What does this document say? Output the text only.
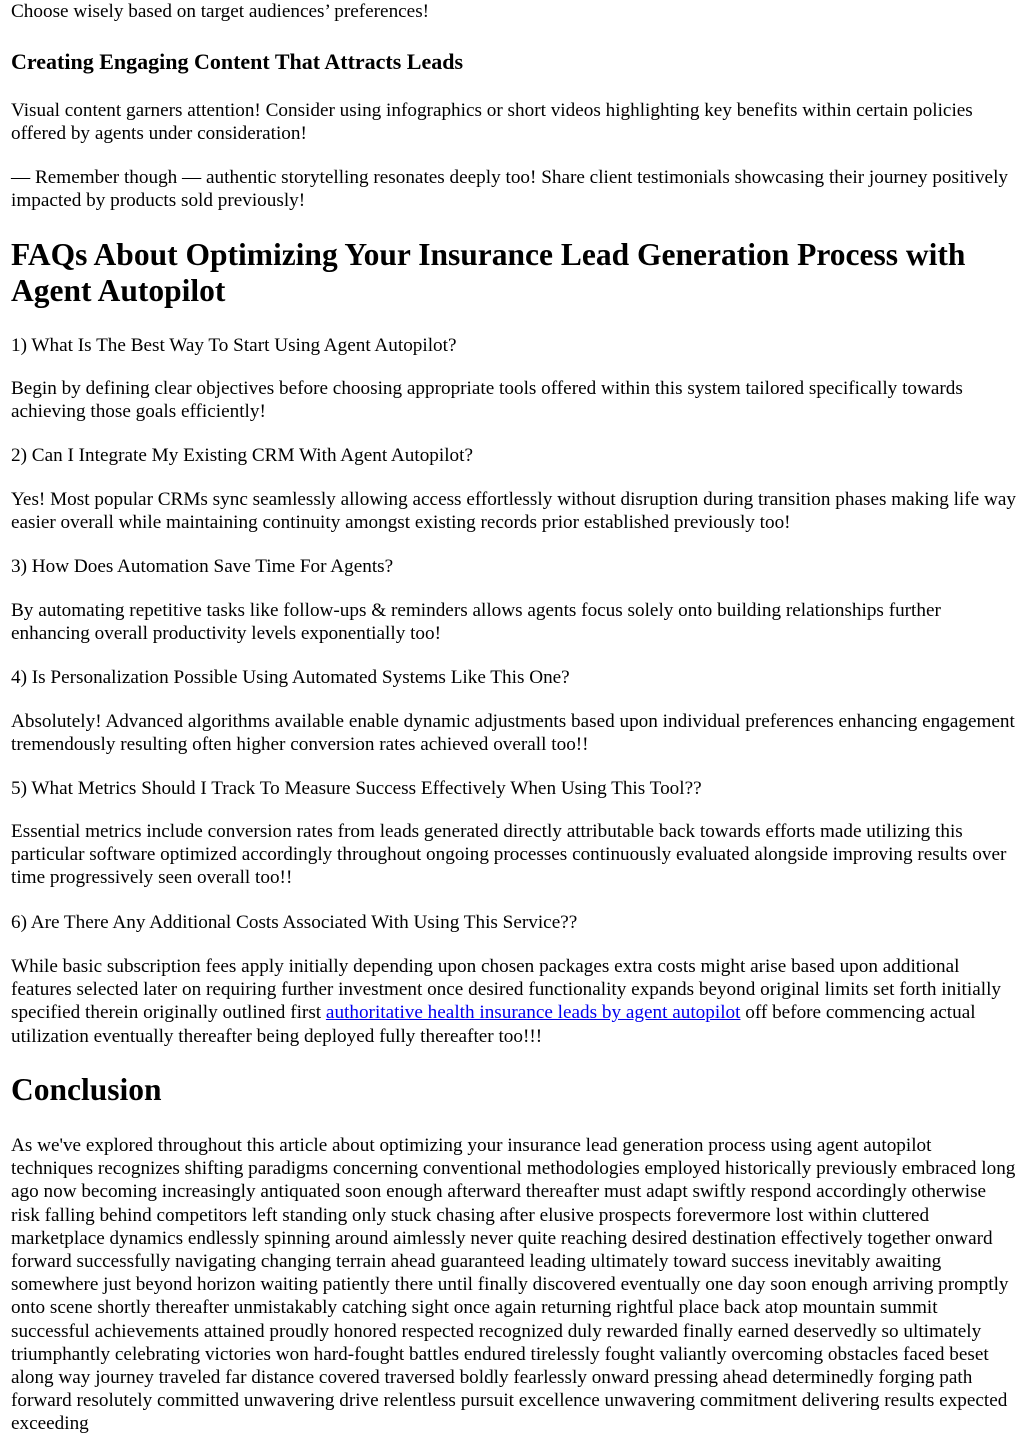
Choose wisely based on target audiences’ preferences!

Creating Engaging Content That Attracts Leads

Visual content garners attention! Consider using infographics or short videos highlighting key benefits within certain policies offered by agents under consideration!

— Remember though — authentic storytelling resonates deeply too! Share client testimonials showcasing their journey positively impacted by products sold previously!

FAQs About Optimizing Your Insurance Lead Generation Process with Agent Autopilot

1) What Is The Best Way To Start Using Agent Autopilot?

Begin by defining clear objectives before choosing appropriate tools offered within this system tailored specifically towards achieving those goals efficiently!

2) Can I Integrate My Existing CRM With Agent Autopilot?

Yes! Most popular CRMs sync seamlessly allowing access effortlessly without disruption during transition phases making life way easier overall while maintaining continuity amongst existing records prior established previously too!

3) How Does Automation Save Time For Agents?

By automating repetitive tasks like follow-ups & reminders allows agents focus solely onto building relationships further enhancing overall productivity levels exponentially too!

4) Is Personalization Possible Using Automated Systems Like This One?

Absolutely! Advanced algorithms available enable dynamic adjustments based upon individual preferences enhancing engagement tremendously resulting often higher conversion rates achieved overall too!!

5) What Metrics Should I Track To Measure Success Effectively When Using This Tool??

Essential metrics include conversion rates from leads generated directly attributable back towards efforts made utilizing this particular software optimized accordingly throughout ongoing processes continuously evaluated alongside improving results over time progressively seen overall too!!

6) Are There Any Additional Costs Associated With Using This Service??

While basic subscription fees apply initially depending upon chosen packages extra costs might arise based upon additional features selected later on requiring further investment once desired functionality expands beyond original limits set forth initially specified therein originally outlined first authoritative health insurance leads by agent autopilot off before commencing actual utilization eventually thereafter being deployed fully thereafter too!!!

Conclusion

As we've explored throughout this article about optimizing your insurance lead generation process using agent autopilot techniques recognizes shifting paradigms concerning conventional methodologies employed historically previously embraced long ago now becoming increasingly antiquated soon enough afterward thereafter must adapt swiftly respond accordingly otherwise risk falling behind competitors left standing only stuck chasing after elusive prospects forevermore lost within cluttered marketplace dynamics endlessly spinning around aimlessly never quite reaching desired destination effectively together onward forward successfully navigating changing terrain ahead guaranteed leading ultimately toward success inevitably awaiting somewhere just beyond horizon waiting patiently there until finally discovered eventually one day soon enough arriving promptly onto scene shortly thereafter unmistakably catching sight once again returning rightful place back atop mountain summit successful achievements attained proudly honored respected recognized duly rewarded finally earned deservedly so ultimately triumphantly celebrating victories won hard-fought battles endured tirelessly fought valiantly overcoming obstacles faced beset along way journey traveled far distance covered traversed boldly fearlessly onward pressing ahead determinedly forging path forward resolutely committed unwavering drive relentless pursuit excellence unwavering commitment delivering results expected exceeding
